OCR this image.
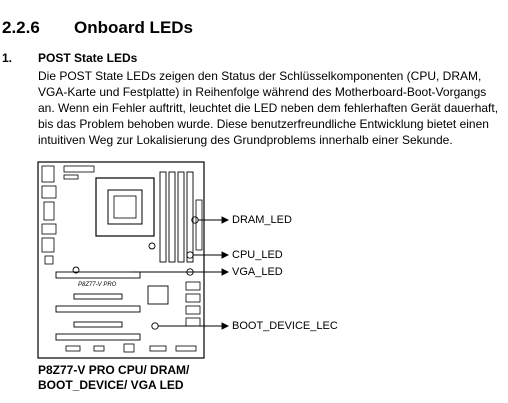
2.2.6 Onboard LEDs
1. POST State LEDs
Die POST State LEDs zeigen den Status der Schlüsselkomponenten (CPU, DRAM,
VGA-Karte und Festplatte) in Reihenfolge während des Motherboard-Boot-Vorgangs
an. Wenn ein Fehler auftritt, leuchtet die LED neben dem fehlerhaften Gerät dauerhaft,
bis das Problem behoben wurde. Diese benutzerfreundliche Entwicklung bietet einen
intuitiven Weg zur Lokalisierung des Grundproblems innerhalb einer Sekunde.
P8Z77-V PRO
DRAM_LED
CPU_LED
VGA_LED
BOOT_DEVICE_LEC
P8Z77-V PRO CPU/ DRAM/
BOOT_DEVICE/ VGA LED
